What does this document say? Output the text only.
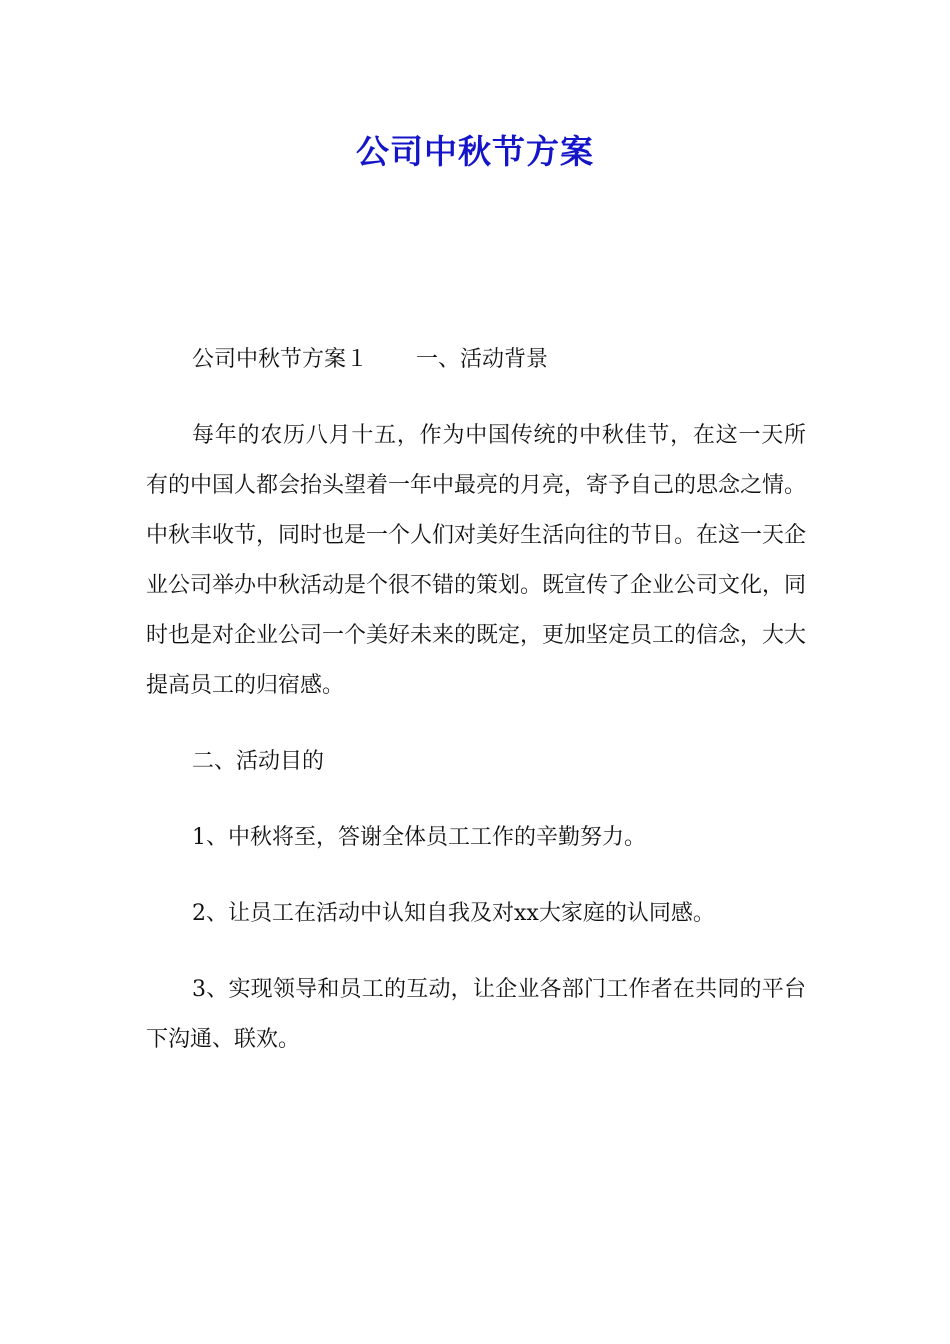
公司中秋节方案

公司中秋节方案１ 一、活动背景

每年的农历八月十五，作为中国传统的中秋佳节，在这一天所有的中国人都会抬头望着一年中最亮的月亮，寄予自己的思念之情。中秋丰收节，同时也是一个人们对美好生活向往的节日。在这一天企业公司举办中秋活动是个很不错的策划。既宣传了企业公司文化，同时也是对企业公司一个美好未来的既定，更加坚定员工的信念，大大提高员工的归宿感。

二、活动目的

1、中秋将至，答谢全体员工工作的辛勤努力。

2、让员工在活动中认知自我及对xx大家庭的认同感。

3、实现领导和员工的互动，让企业各部门工作者在共同的平台下沟通、联欢。
